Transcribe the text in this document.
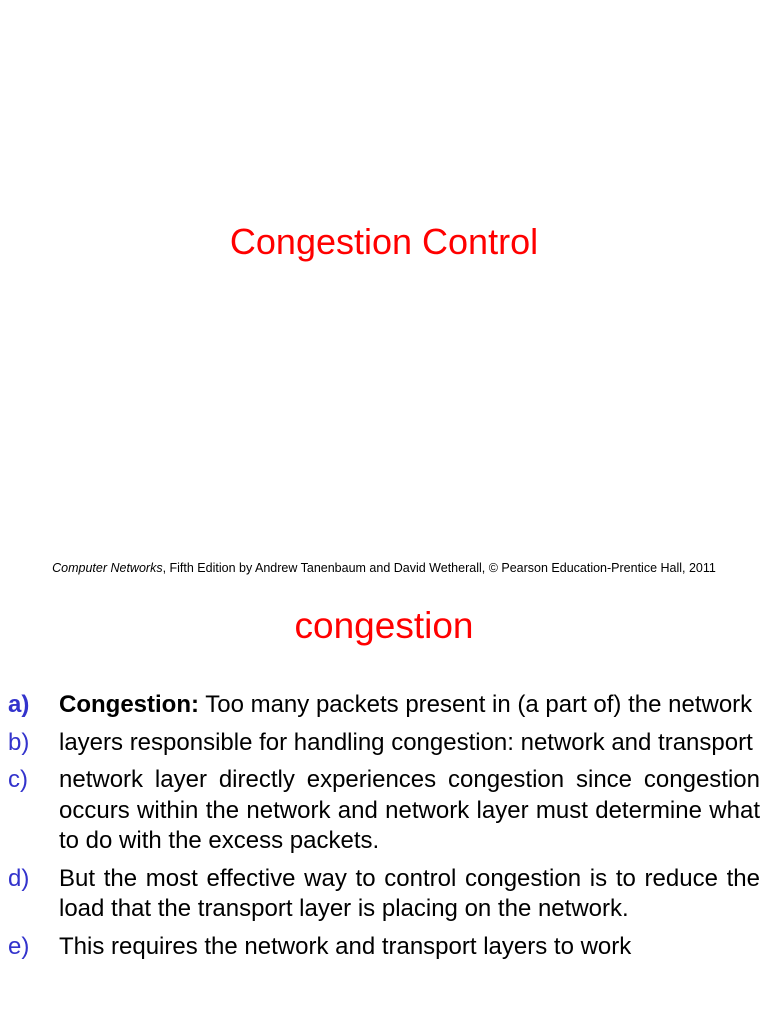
Congestion Control
Computer Networks, Fifth Edition by Andrew Tanenbaum and David Wetherall, © Pearson Education-Prentice Hall, 2011
congestion
a)	Congestion: Too many packets present in (a part of) the network
b)	layers responsible for handling congestion: network and transport
c)	network layer directly experiences congestion since congestion occurs within the network and network layer must determine what to do with the excess packets.
d)	But the most effective way to control congestion is to reduce the load that the transport layer is placing on the network.
e)	This requires the network and transport layers to work
